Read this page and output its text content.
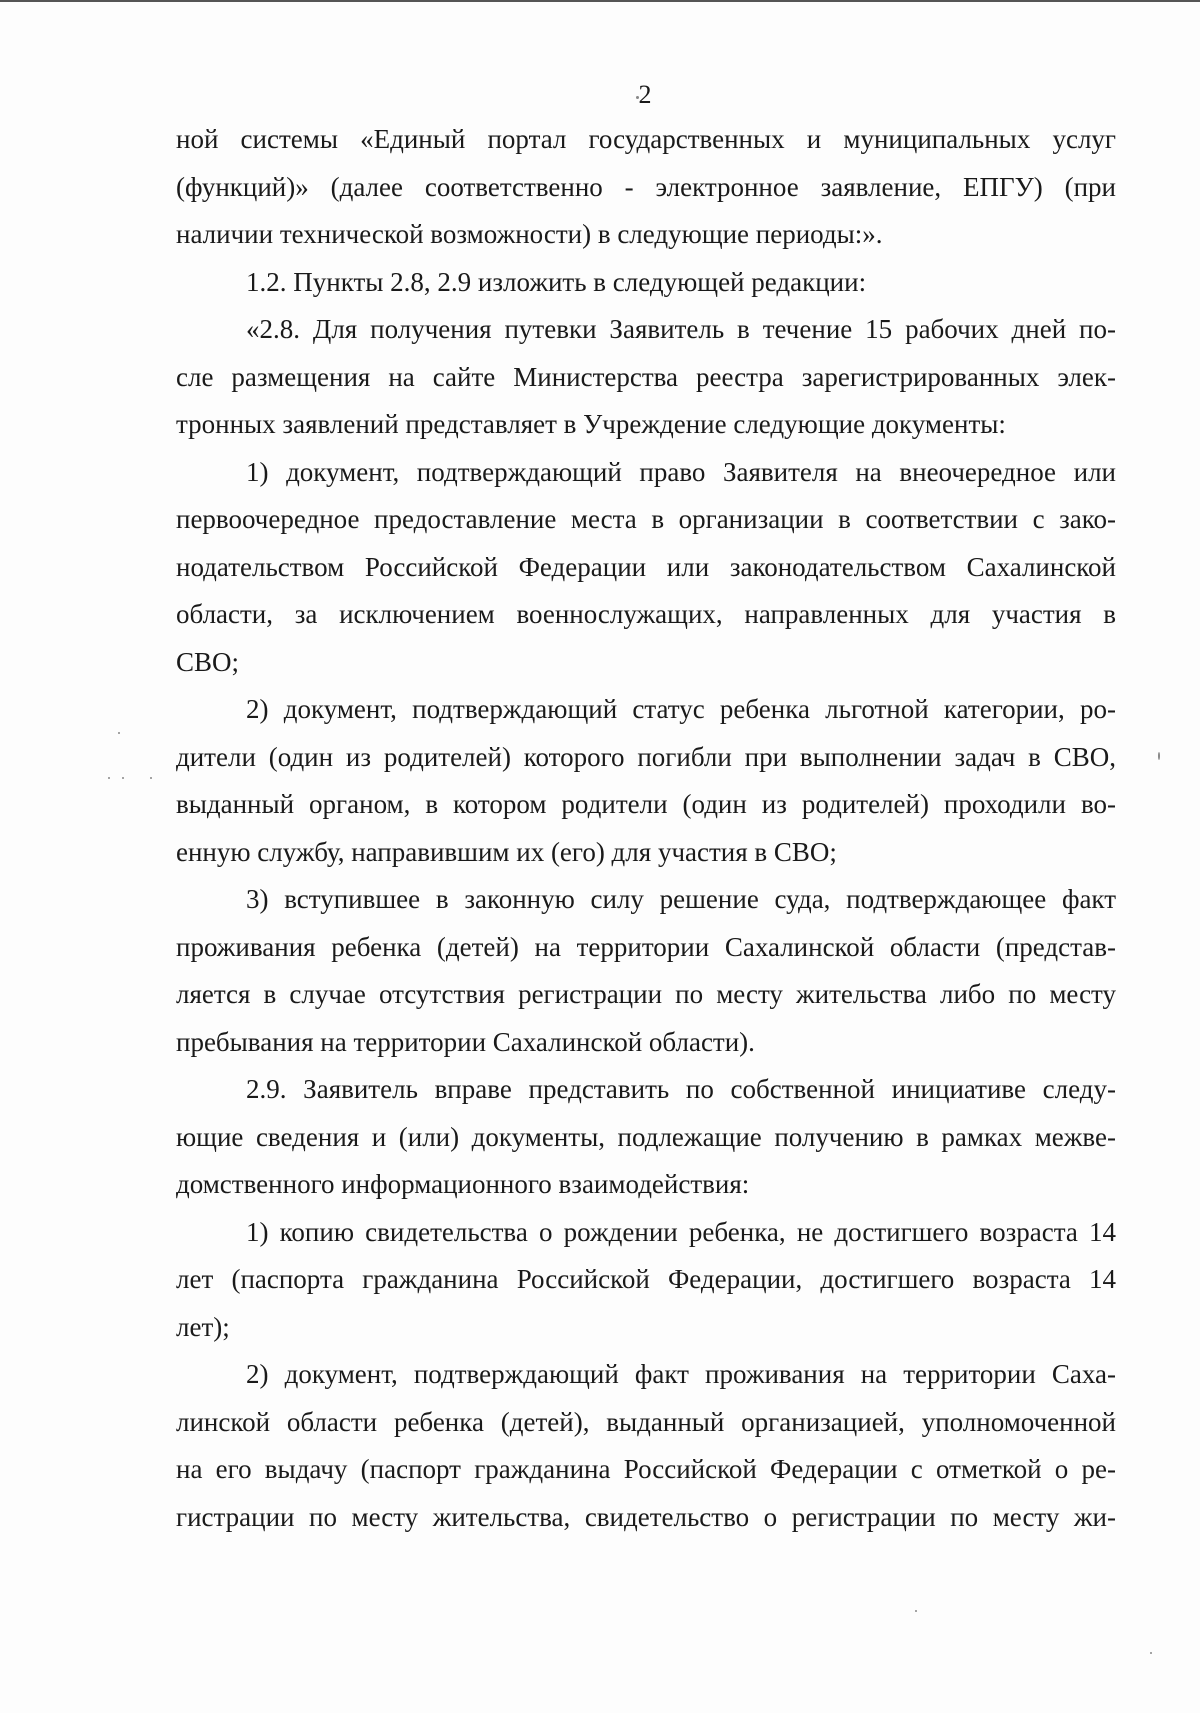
2
ной системы «Единый портал государственных и муниципальных услуг
(функций)» (далее соответственно - электронное заявление, ЕПГУ) (при
наличии технической возможности) в следующие периоды:».
1.2. Пункты 2.8, 2.9 изложить в следующей редакции:
«2.8. Для получения путевки Заявитель в течение 15 рабочих дней по-
сле размещения на сайте Министерства реестра зарегистрированных элек-
тронных заявлений представляет в Учреждение следующие документы:
1) документ, подтверждающий право Заявителя на внеочередное или
первоочередное предоставление места в организации в соответствии с зако-
нодательством Российской Федерации или законодательством Сахалинской
области, за исключением военнослужащих, направленных для участия в
СВО;
2) документ, подтверждающий статус ребенка льготной категории, ро-
дители (один из родителей) которого погибли при выполнении задач в СВО,
выданный органом, в котором родители (один из родителей) проходили во-
енную службу, направившим их (его) для участия в СВО;
3) вступившее в законную силу решение суда, подтверждающее факт
проживания ребенка (детей) на территории Сахалинской области (представ-
ляется в случае отсутствия регистрации по месту жительства либо по месту
пребывания на территории Сахалинской области).
2.9. Заявитель вправе представить по собственной инициативе следу-
ющие сведения и (или) документы, подлежащие получению в рамках межве-
домственного информационного взаимодействия:
1) копию свидетельства о рождении ребенка, не достигшего возраста 14
лет (паспорта гражданина Российской Федерации, достигшего возраста 14
лет);
2) документ, подтверждающий факт проживания на территории Саха-
линской области ребенка (детей), выданный организацией, уполномоченной
на его выдачу (паспорт гражданина Российской Федерации с отметкой о ре-
гистрации по месту жительства, свидетельство о регистрации по месту жи-
